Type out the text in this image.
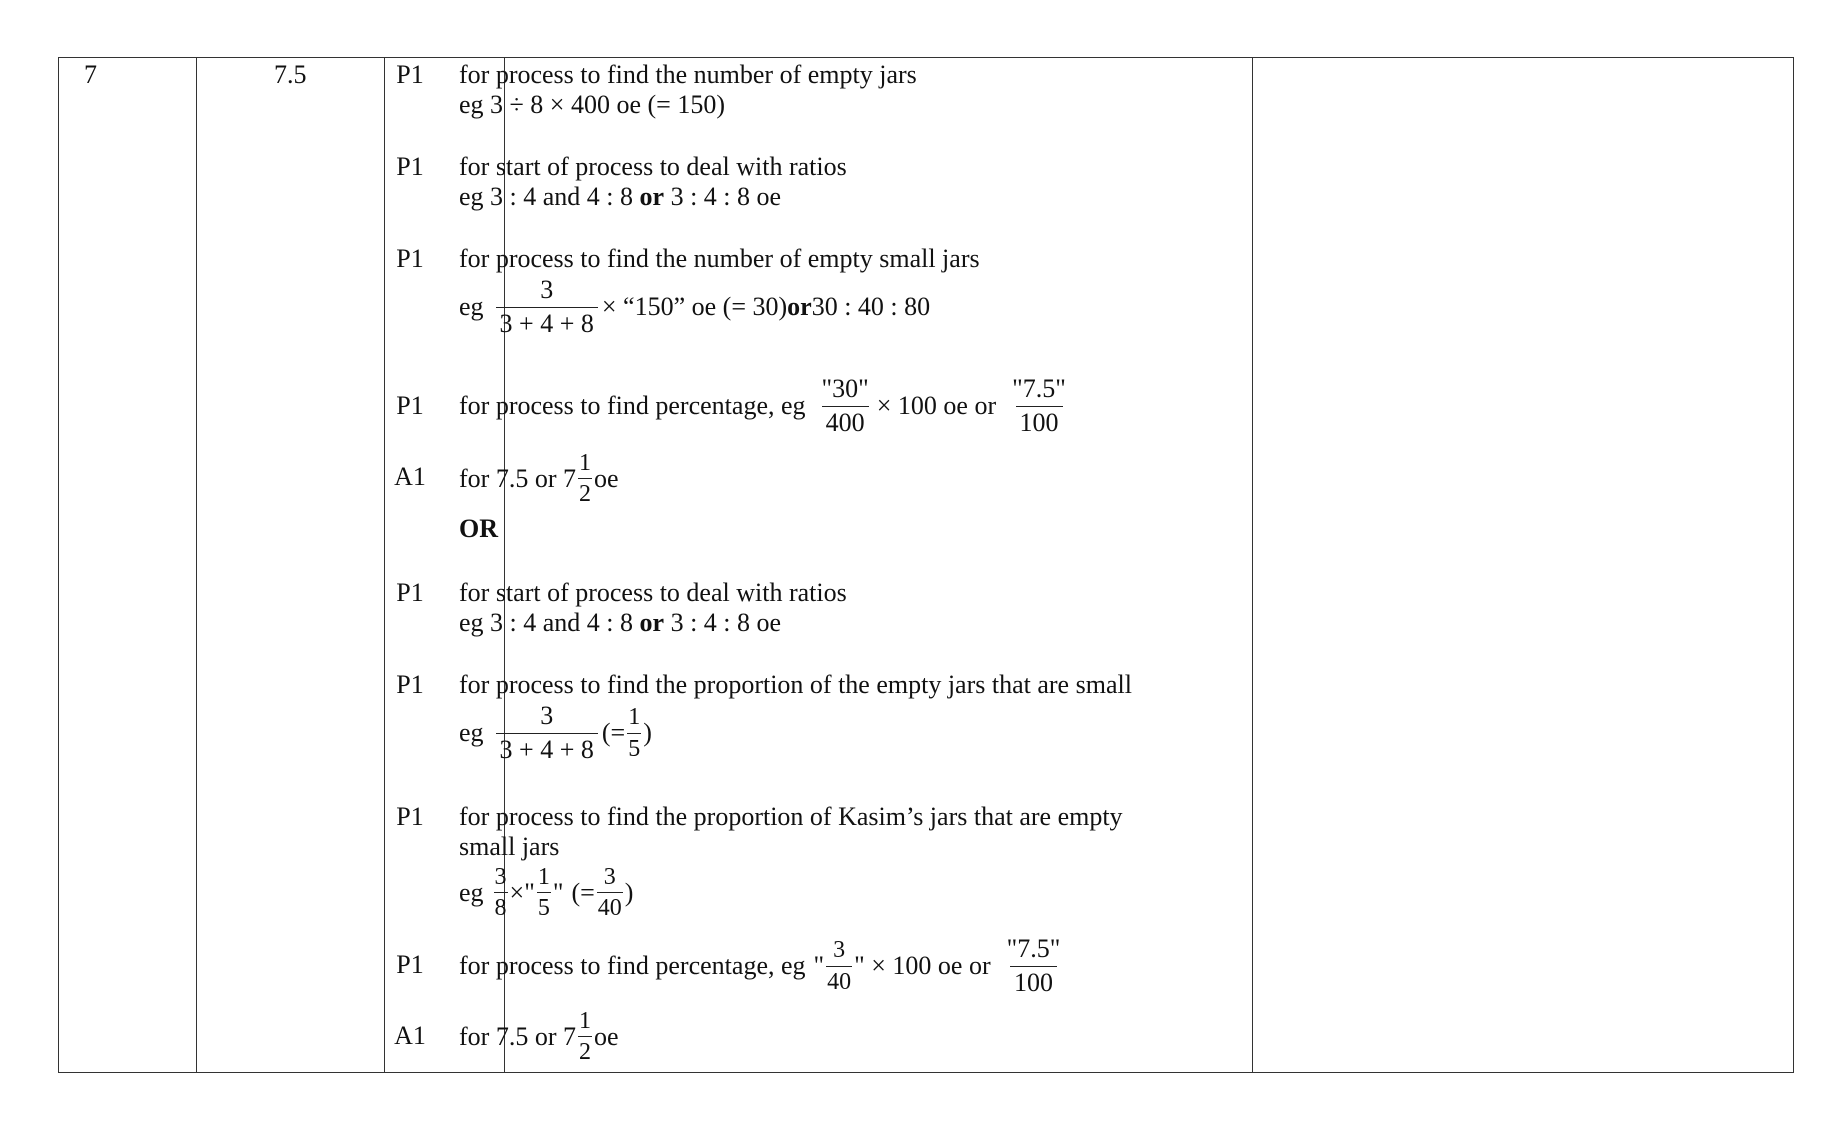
7	7.5	P1
P1
P1
P1
A1
P1
P1
P1
P1
A1
for process to find the number of empty jars
eg 3 ÷ 8 × 400 oe (= 150)
for start of process to deal with ratios
eg 3 : 4 and 4 : 8 or 3 : 4 : 8 oe
for process to find the number of empty small jars
eg $\frac{3}{3 + 4 + 8}$ × “150” oe (= 30) or 30 : 40 : 80
for process to find percentage, eg $\frac{"30"}{400} \times 100$ oe or $\frac{"7.5"}{100}$
for 7.5 or $7 \frac{1}{2}$ oe
OR
for start of process to deal with ratios
eg 3 : 4 and 4 : 8 or 3 : 4 : 8 oe
for process to find the proportion of the empty jars that are small
eg $\frac{3}{3 + 4 + 8}$ (= $\frac{1}{5}$ )
for process to find the proportion of Kasim’s jars that are empty
small jars
eg $\frac{3}{8}$ ×" $\frac{1}{5}$ " (= $\frac{3}{40}$ )
for process to find percentage, eg " $\frac{3}{40}$ " × 100 oe or $\frac{"7.5"}{100}$
for 7.5 or $7 \frac{1}{2}$ oe
